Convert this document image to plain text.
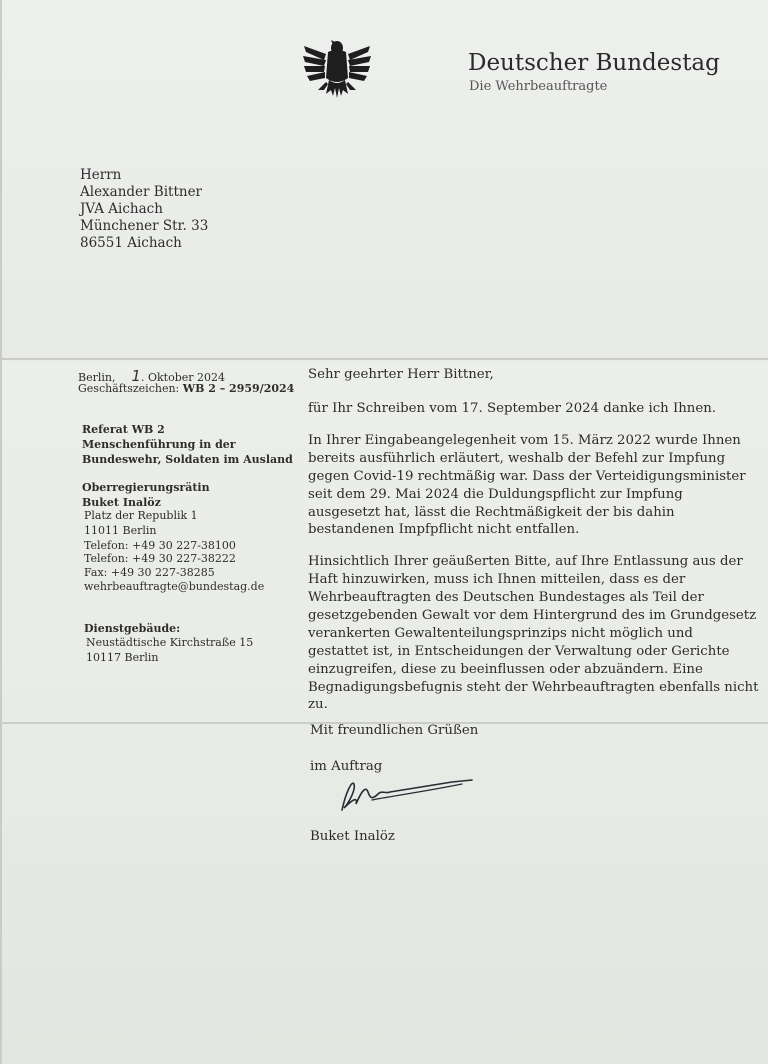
Deutscher Bundestag
Die Wehrbeauftragte
Herrn
Alexander Bittner
JVA Aichach
Münchener Str. 33
86551 Aichach
Berlin, 1. Oktober 2024
Geschäftszeichen: WB 2 – 2959/2024
Referat WB 2
Menschenführung in der
Bundeswehr, Soldaten im Ausland
Oberregierungsrätin
Buket Inalöz
Platz der Republik 1
11011 Berlin
Telefon: +49 30 227-38100
Telefon: +49 30 227-38222
Fax: +49 30 227-38285
wehrbeauftragte@bundestag.de
Dienstgebäude:
Neustädtische Kirchstraße 15
10117 Berlin
Sehr geehrter Herr Bittner,
für Ihr Schreiben vom 17. September 2024 danke ich Ihnen.
In Ihrer Eingabeangelegenheit vom 15. März 2022 wurde Ihnen
bereits ausführlich erläutert, weshalb der Befehl zur Impfung
gegen Covid-19 rechtmäßig war. Dass der Verteidigungsminister
seit dem 29. Mai 2024 die Duldungspflicht zur Impfung
ausgesetzt hat, lässt die Rechtmäßigkeit der bis dahin
bestandenen Impfpflicht nicht entfallen.
Hinsichtlich Ihrer geäußerten Bitte, auf Ihre Entlassung aus der
Haft hinzuwirken, muss ich Ihnen mitteilen, dass es der
Wehrbeauftragten des Deutschen Bundestages als Teil der
gesetzgebenden Gewalt vor dem Hintergrund des im Grundgesetz
verankerten Gewaltenteilungsprinzips nicht möglich und
gestattet ist, in Entscheidungen der Verwaltung oder Gerichte
einzugreifen, diese zu beeinflussen oder abzuändern. Eine
Begnadigungsbefugnis steht der Wehrbeauftragten ebenfalls nicht
zu.
Mit freundlichen Grüßen
im Auftrag
Buket Inalöz
